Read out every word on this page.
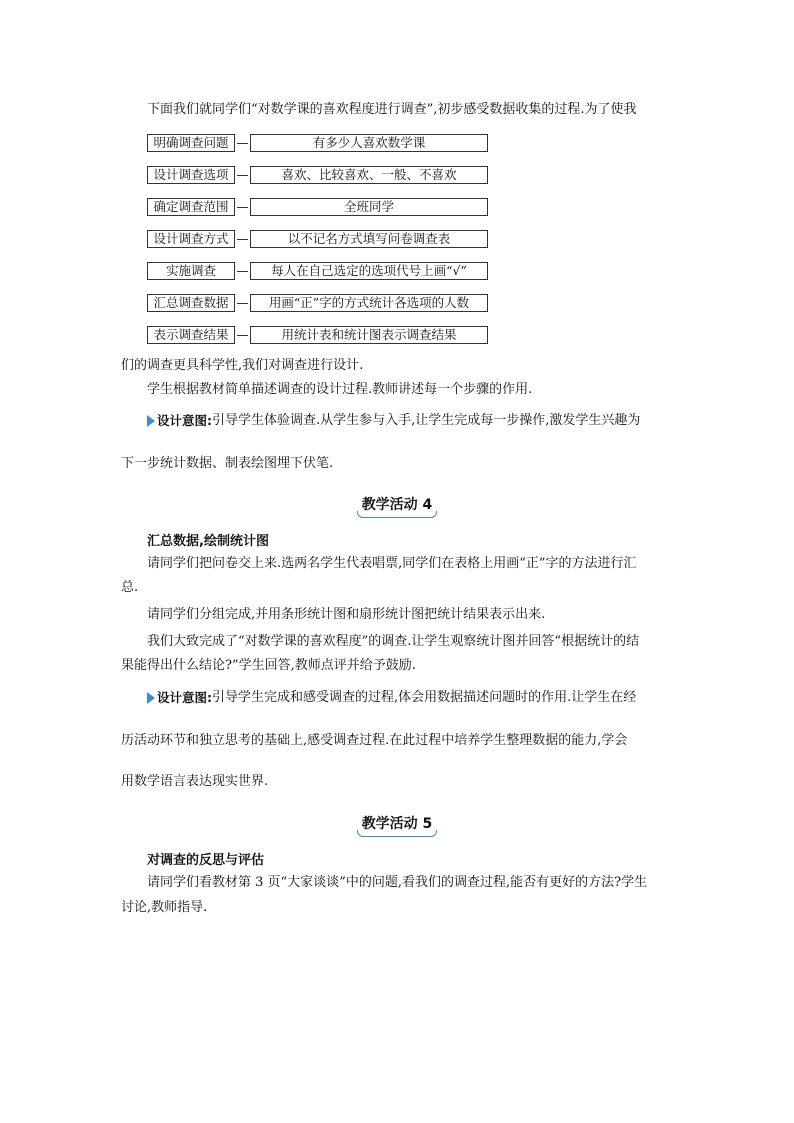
下面我们就同学们“对数学课的喜欢程度进行调查”,初步感受数据收集的过程.为了使我
明确调查问题	有多少人喜欢数学课
设计调查选项	喜欢、比较喜欢、一般、不喜欢
确定调查范围	全班同学
设计调查方式	以不记名方式填写问卷调查表
实施调查	每人在自己选定的选项代号上画“√”
汇总调查数据	用画“正”字的方式统计各选项的人数
表示调查结果	用统计表和统计图表示调查结果
们的调查更具科学性,我们对调查进行设计.
学生根据教材简单描述调查的设计过程.教师讲述每一个步骤的作用.
设计意图: 引导学生体验调查.从学生参与入手,让学生完成每一步操作,激发学生兴趣为
下一步统计数据、制表绘图埋下伏笔.
教学活动 4
汇总数据,绘制统计图
请同学们把问卷交上来.选两名学生代表唱票,同学们在表格上用画“正”字的方法进行汇
总.
请同学们分组完成,并用条形统计图和扇形统计图把统计结果表示出来.
我们大致完成了“对数学课的喜欢程度”的调查.让学生观察统计图并回答“根据统计的结
果能得出什么结论?”学生回答,教师点评并给予鼓励.
设计意图: 引导学生完成和感受调查的过程,体会用数据描述问题时的作用.让学生在经
历活动环节和独立思考的基础上,感受调查过程.在此过程中培养学生整理数据的能力,学会
用数学语言表达现实世界.
教学活动 5
对调查的反思与评估
请同学们看教材第 3 页“大家谈谈”中的问题,看我们的调查过程,能否有更好的方法?学生
讨论,教师指导.
